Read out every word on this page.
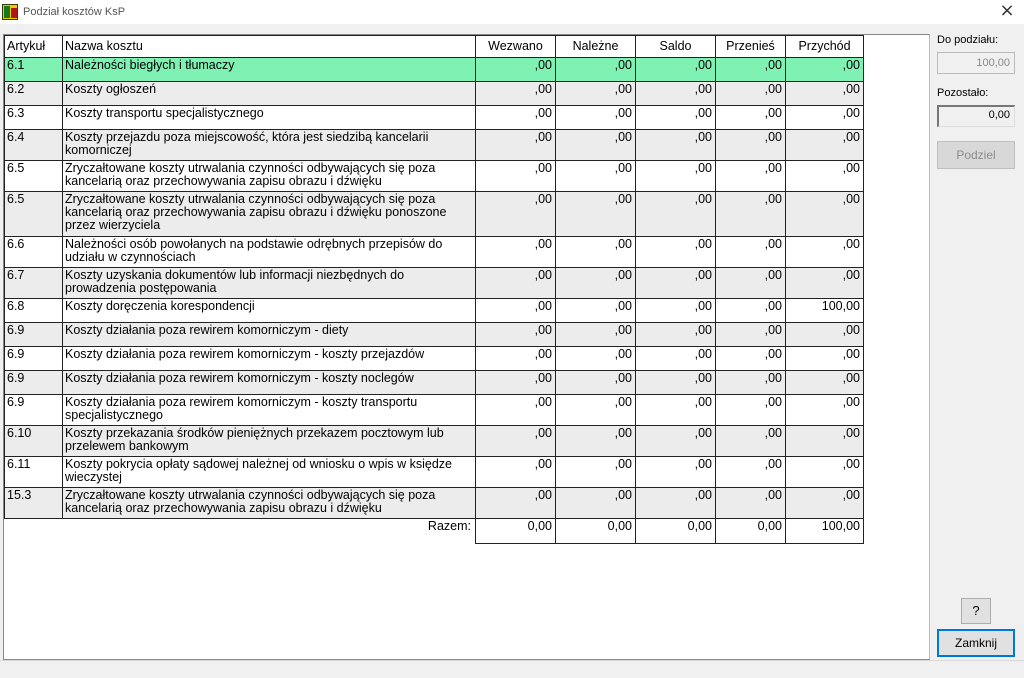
Podział kosztów KsP	×
Artykuł	Nazwa kosztu	Wezwano	Należne	Saldo	Przenieś	Przychód
6.1	Należności biegłych i tłumaczy	,00	,00	,00	,00	,00
6.2	Koszty ogłoszeń	,00	,00	,00	,00	,00
6.3	Koszty transportu specjalistycznego	,00	,00	,00	,00	,00
6.4	Koszty przejazdu poza miejscowość, która jest siedzibą kancelarii komorniczej	,00	,00	,00	,00	,00
6.5	Zryczałtowane koszty utrwalania czynności odbywających się poza kancelarią oraz przechowywania zapisu obrazu i dźwięku	,00	,00	,00	,00	,00
6.5	Zryczałtowane koszty utrwalania czynności odbywających się poza kancelarią oraz przechowywania zapisu obrazu i dźwięku ponoszone przez wierzyciela	,00	,00	,00	,00	,00
6.6	Należności osób powołanych na podstawie odrębnych przepisów do udziału w czynnościach	,00	,00	,00	,00	,00
6.7	Koszty uzyskania dokumentów lub informacji niezbędnych do prowadzenia postępowania	,00	,00	,00	,00	,00
6.8	Koszty doręczenia korespondencji	,00	,00	,00	,00	100,00
6.9	Koszty działania poza rewirem komorniczym - diety	,00	,00	,00	,00	,00
6.9	Koszty działania poza rewirem komorniczym - koszty przejazdów	,00	,00	,00	,00	,00
6.9	Koszty działania poza rewirem komorniczym - koszty noclegów	,00	,00	,00	,00	,00
6.9	Koszty działania poza rewirem komorniczym - koszty transportu specjalistycznego	,00	,00	,00	,00	,00
6.10	Koszty przekazania środków pieniężnych przekazem pocztowym lub przelewem bankowym	,00	,00	,00	,00	,00
6.11	Koszty pokrycia opłaty sądowej należnej od wniosku o wpis w księdze wieczystej	,00	,00	,00	,00	,00
15.3	Zryczałtowane koszty utrwalania czynności odbywających się poza kancelarią oraz przechowywania zapisu obrazu i dźwięku	,00	,00	,00	,00	,00
	Razem:	0,00	0,00	0,00	0,00	100,00
Do podziału:
100,00
Pozostało:
0,00
Podziel
?
Zamknij
